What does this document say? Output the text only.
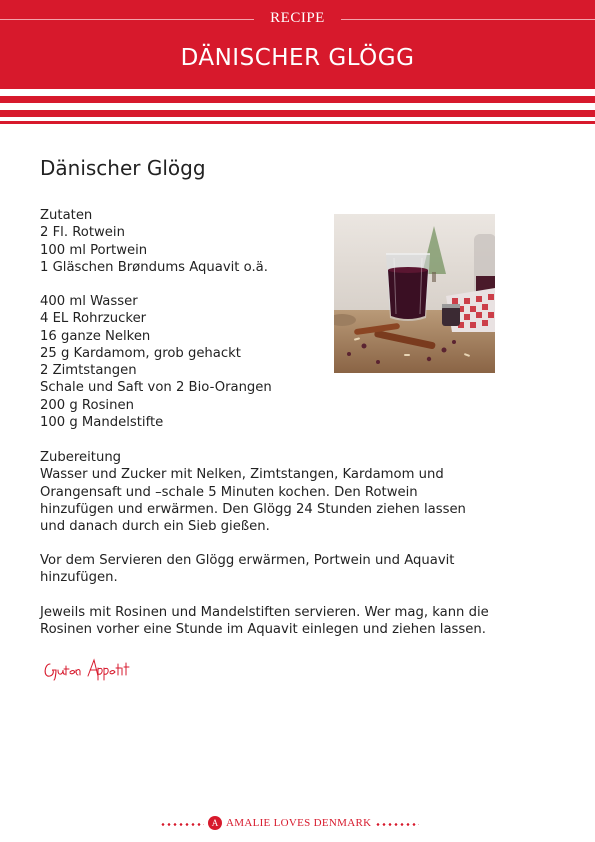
RECIPE
DÄNISCHER GLÖGG
Dänischer Glögg
Zutaten
2 Fl. Rotwein
100 ml Portwein
1 Gläschen Brøndums Aquavit o.ä.
400 ml Wasser
4 EL Rohrzucker
16 ganze Nelken
25 g Kardamom, grob gehackt
2 Zimtstangen
Schale und Saft von 2 Bio-Orangen
200 g Rosinen
100 g Mandelstifte
Zubereitung
Wasser und Zucker mit Nelken, Zimtstangen, Kardamom und
Orangensaft und –schale 5 Minuten kochen. Den Rotwein
hinzufügen und erwärmen. Den Glögg 24 Stunden ziehen lassen
und danach durch ein Sieb gießen.
Vor dem Servieren den Glögg erwärmen, Portwein und Aquavit
hinzufügen.
Jeweils mit Rosinen und Mandelstiften servieren. Wer mag, kann die
Rosinen vorher eine Stunde im Aquavit einlegen und ziehen lassen.
A AMALIE LOVES DENMARK
